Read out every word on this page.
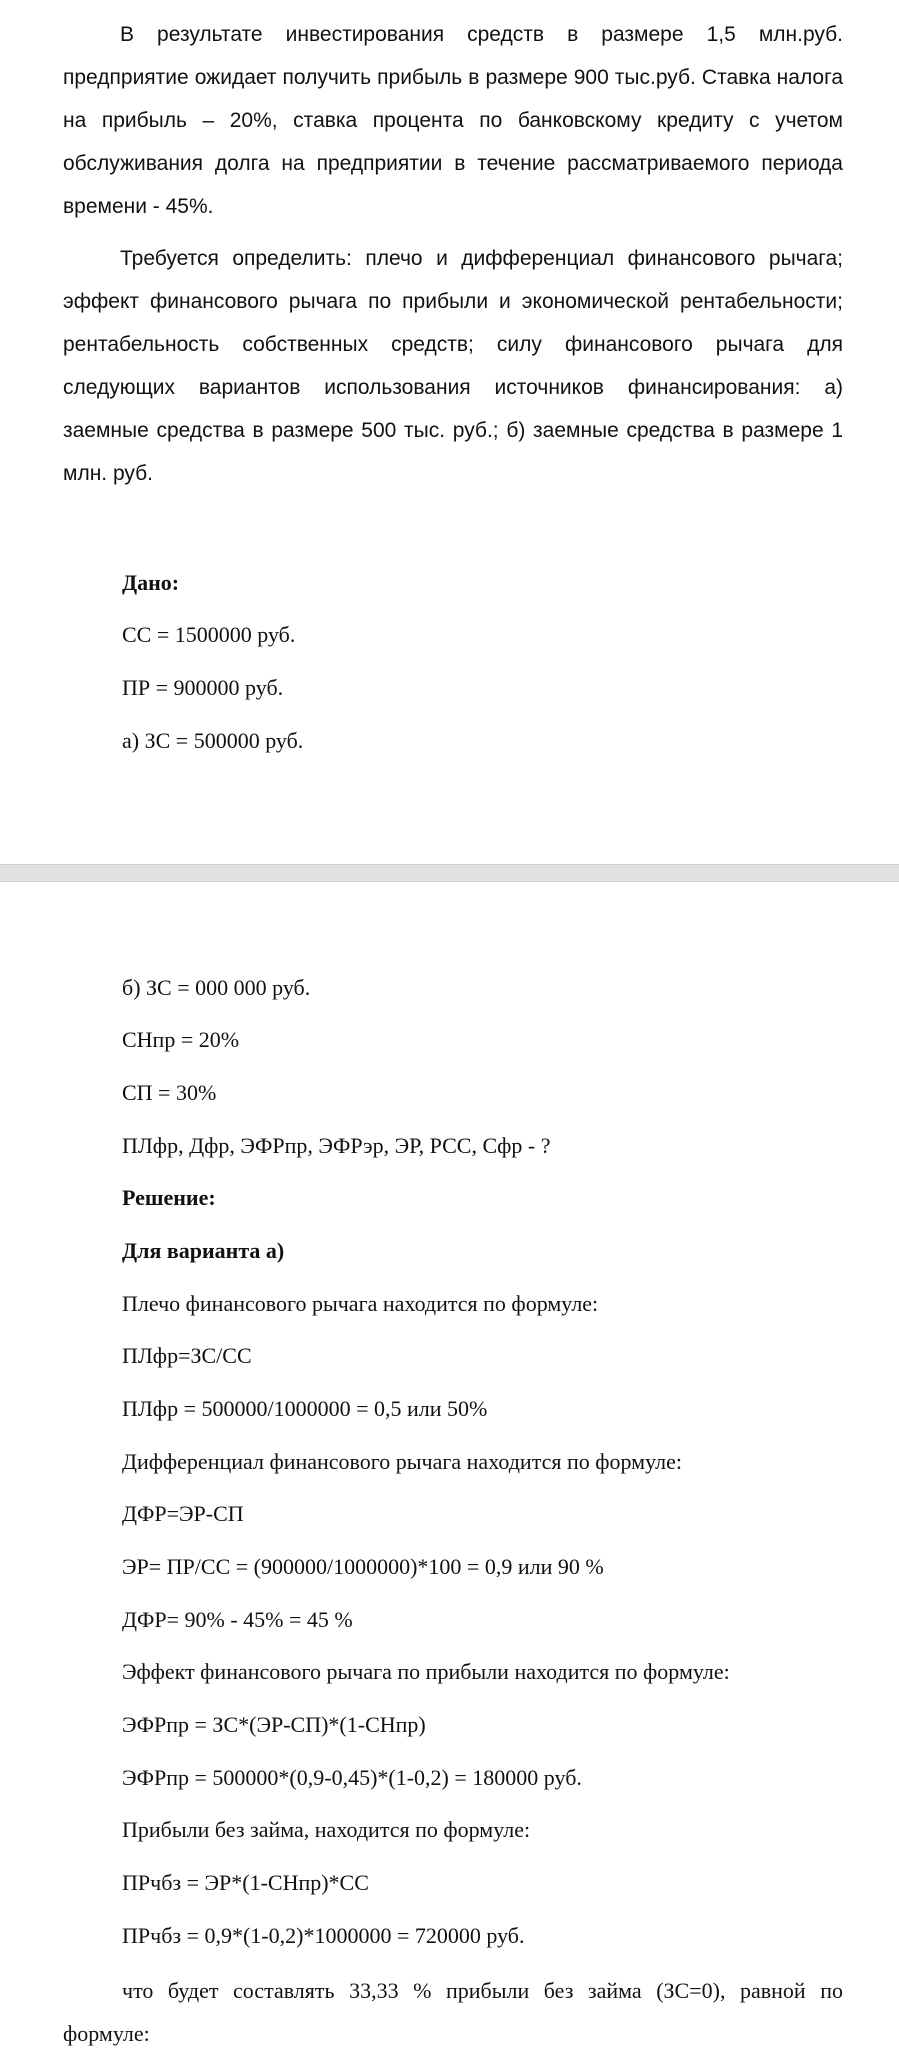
В результате инвестирования средств в размере 1,5 млн.руб. предприятие ожидает получить прибыль в размере 900 тыс.руб. Ставка налога на прибыль – 20%, ставка процента по банковскому кредиту с учетом обслуживания долга на предприятии в течение рассматриваемого периода времени - 45%.

Требуется определить: плечо и дифференциал финансового рычага; эффект финансового рычага по прибыли и экономической рентабельности; рентабельность собственных средств; силу финансового рычага для следующих вариантов использования источников финансирования: а) заемные средства в размере 500 тыс. руб.; б) заемные средства в размере 1 млн. руб.

Дано:

СС = 1500000 руб.

ПР = 900000 руб.

а) ЗС = 500000 руб.

б) ЗС = 000 000 руб.

СНпр = 20%

СП = 30%

ПЛфр, Дфр, ЭФРпр, ЭФРэр, ЭР, РСС, Сфр - ?

Решение:

Для варианта а)

Плечо финансового рычага находится по формуле:

ПЛфр=ЗС/СС

ПЛфр = 500000/1000000 = 0,5 или 50%

Дифференциал финансового рычага находится по формуле:

ДФР=ЭР-СП

ЭР= ПР/СС = (900000/1000000)*100 = 0,9 или 90 %

ДФР= 90% - 45% = 45 %

Эффект финансового рычага по прибыли находится по формуле:

ЭФРпр = ЗС*(ЭР-СП)*(1-СНпр)

ЭФРпр = 500000*(0,9-0,45)*(1-0,2) = 180000 руб.

Прибыли без займа, находится по формуле:

ПРчбз = ЭР*(1-СНпр)*СС

ПРчбз = 0,9*(1-0,2)*1000000 = 720000 руб.

что будет составлять 33,33 % прибыли без займа (ЗС=0), равной по формуле:
